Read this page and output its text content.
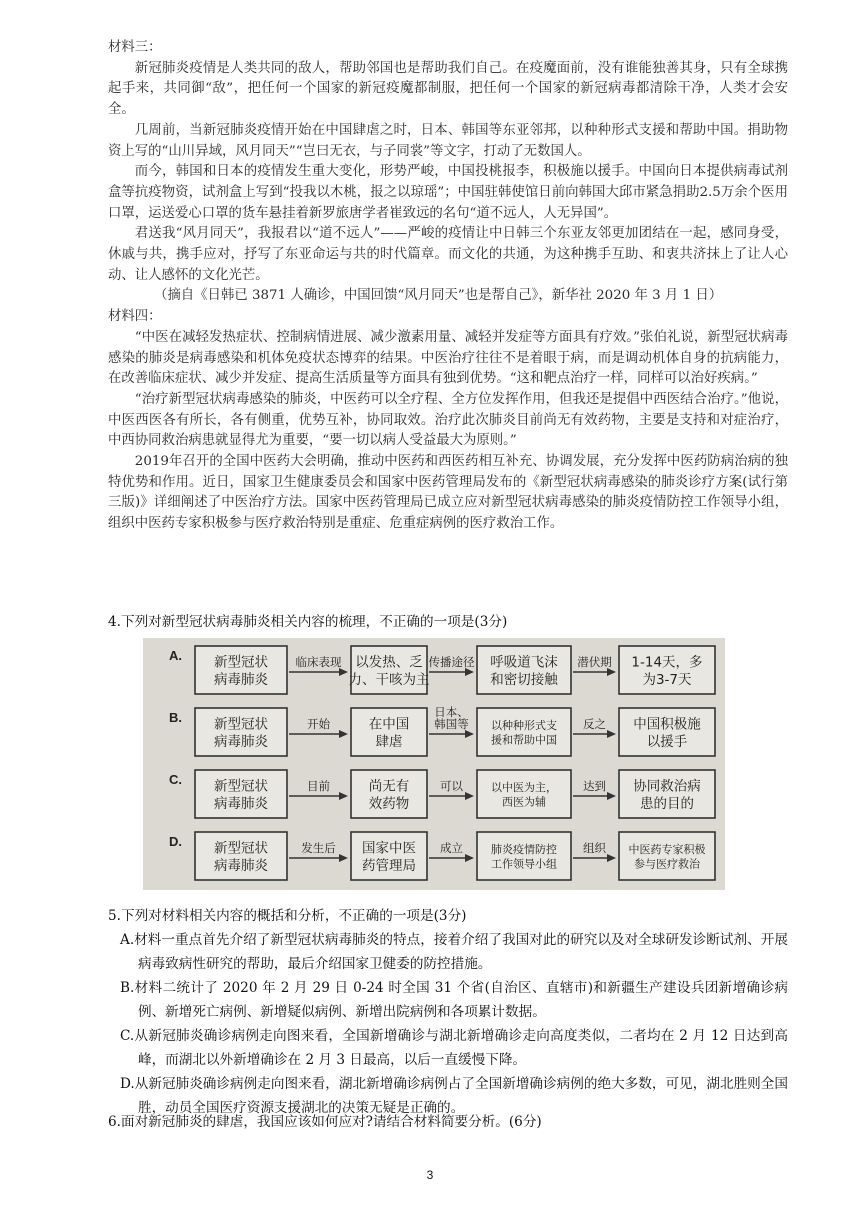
材料三：

新冠肺炎疫情是人类共同的敌人，帮助邻国也是帮助我们自己。在疫魔面前，没有谁能独善其身，只有全球携起手来，共同御“敌”，把任何一个国家的新冠疫魔都制服，把任何一个国家的新冠病毒都清除干净，人类才会安全。

几周前，当新冠肺炎疫情开始在中国肆虐之时，日本、韩国等东亚邻邦，以种种形式支援和帮助中国。捐助物资上写的“山川异域，风月同天”“岂曰无衣，与子同裳”等文字，打动了无数国人。

而今，韩国和日本的疫情发生重大变化，形势严峻，中国投桃报李，积极施以援手。中国向日本提供病毒试剂盒等抗疫物资，试剂盒上写到“投我以木桃，报之以琼瑶”；中国驻韩使馆日前向韩国大邱市紧急捐助2.5万余个医用口罩，运送爱心口罩的货车悬挂着新罗旅唐学者崔致远的名句“道不远人，人无异国”。

君送我“风月同天”，我报君以“道不远人”——严峻的疫情让中日韩三个东亚友邻更加团结在一起，感同身受，休戚与共，携手应对，抒写了东亚命运与共的时代篇章。而文化的共通，为这种携手互助、和衷共济抹上了让人心动、让人感怀的文化光芒。

（摘自《日韩已 3871 人确诊，中国回馈“风月同天”也是帮自己》，新华社 2020 年 3 月 1 日）

材料四：

“中医在减轻发热症状、控制病情进展、减少激素用量、减轻并发症等方面具有疗效。”张伯礼说，新型冠状病毒感染的肺炎是病毒感染和机体免疫状态博弈的结果。中医治疗往往不是着眼于病，而是调动机体自身的抗病能力，在改善临床症状、减少并发症、提高生活质量等方面具有独到优势。“这和靶点治疗一样，同样可以治好疾病。”

“治疗新型冠状病毒感染的肺炎，中医药可以全疗程、全方位发挥作用，但我还是提倡中西医结合治疗。”他说，中医西医各有所长，各有侧重，优势互补，协同取效。治疗此次肺炎目前尚无有效药物，主要是支持和对症治疗，中西协同救治病患就显得尤为重要，“要一切以病人受益最大为原则。”

2019年召开的全国中医药大会明确，推动中医药和西医药相互补充、协调发展，充分发挥中医药防病治病的独特优势和作用。近日，国家卫生健康委员会和国家中医药管理局发布的《新型冠状病毒感染的肺炎诊疗方案(试行第三版)》详细阐述了中医治疗方法。国家中医药管理局已成立应对新型冠状病毒感染的肺炎疫情防控工作领导小组，组织中医药专家积极参与医疗救治特别是重症、危重症病例的医疗救治工作。

4.下列对新型冠状病毒肺炎相关内容的梳理，不正确的一项是(3分)
A. 新型冠状病毒肺炎
以发热、乏力、干咳为主
呼吸道飞沫和密切接触
1-14天，多为3-7天
临床表现	传播途径	潜伏期
B. 新型冠状病毒肺炎
在中国肆虐
以种种形式支援和帮助中国
中国积极施以援手
开始
日本、韩国等	反之
C. 新型冠状病毒肺炎
尚无有效药物
以中医为主，西医为辅
协同救治病患的目的
目前	可以	达到
D. 新型冠状病毒肺炎
国家中医药管理局
肺炎疫情防控工作领导小组
中医药专家积极参与医疗救治
发生后	成立	组织

5.下列对材料相关内容的概括和分析，不正确的一项是(3分)

A.材料一重点首先介绍了新型冠状病毒肺炎的特点，接着介绍了我国对此的研究以及对全球研发诊断试剂、开展病毒致病性研究的帮助，最后介绍国家卫健委的防控措施。

B.材料二统计了 2020 年 2 月 29 日 0-24 时全国 31 个省(自治区、直辖市)和新疆生产建设兵团新增确诊病例、新增死亡病例、新增疑似病例、新增出院病例和各项累计数据。

C.从新冠肺炎确诊病例走向图来看，全国新增确诊与湖北新增确诊走向高度类似，二者均在 2 月 12 日达到高峰，而湖北以外新增确诊在 2 月 3 日最高，以后一直缓慢下降。

D.从新冠肺炎确诊病例走向图来看，湖北新增确诊病例占了全国新增确诊病例的绝大多数，可见，湖北胜则全国胜，动员全国医疗资源支援湖北的决策无疑是正确的。

6.面对新冠肺炎的肆虐，我国应该如何应对?请结合材料简要分析。(6分)
3
